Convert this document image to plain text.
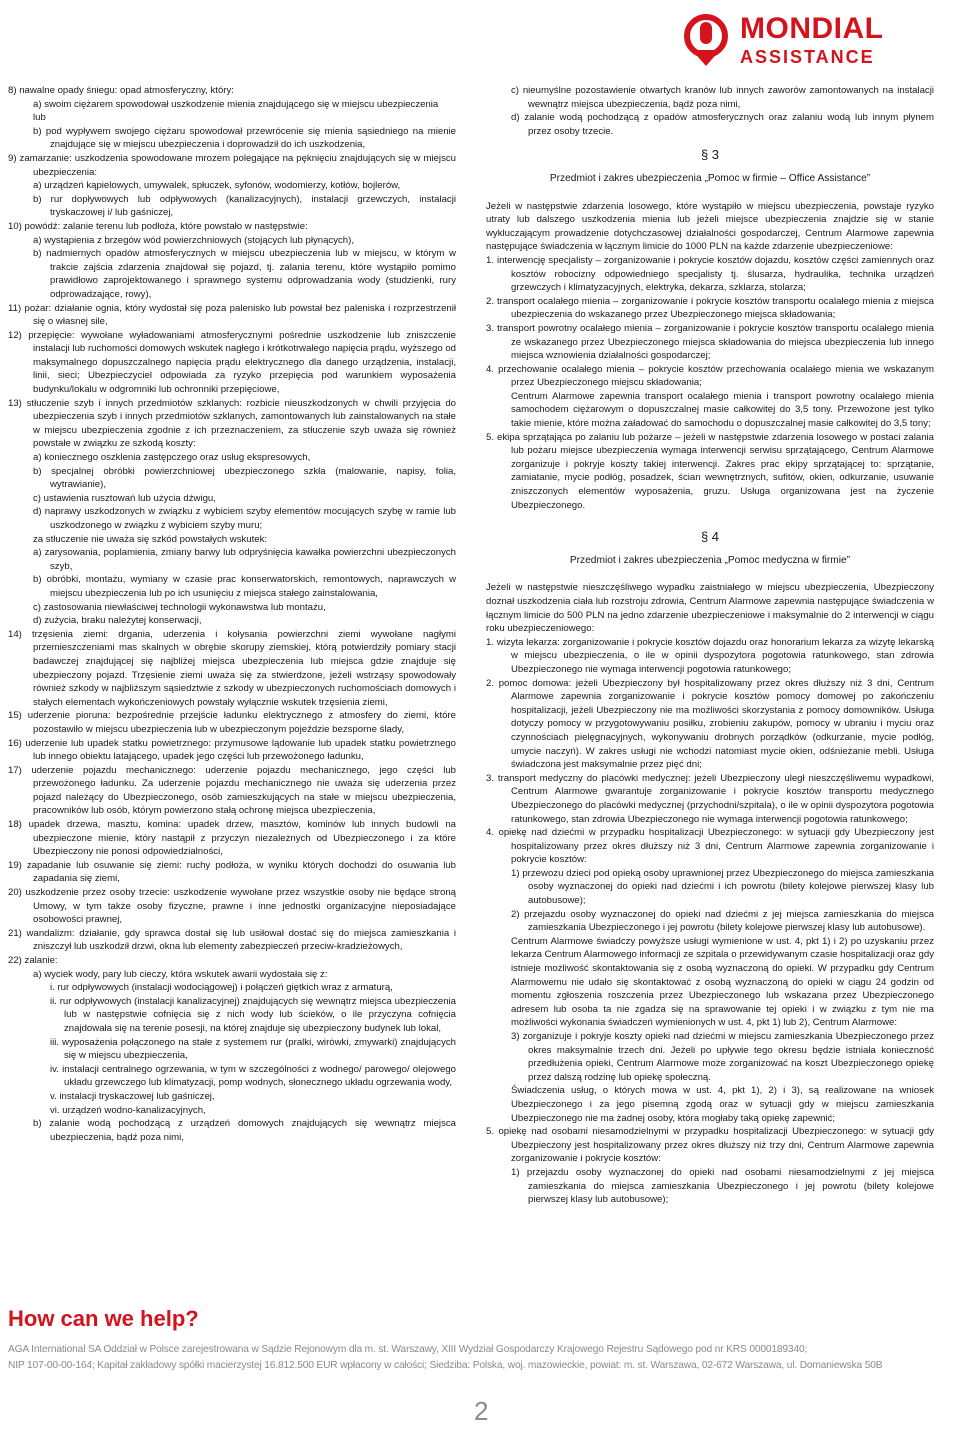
MONDIAL
ASSISTANCE
8) nawalne opady śniegu: opad atmosferyczny, który:
a) swoim ciężarem spowodował uszkodzenie mienia znajdującego się w miejscu ubezpieczenia
lub
b) pod wypływem swojego ciężaru spowodował przewrócenie się mienia sąsiedniego na mienie znajdujące się w miejscu ubezpieczenia i doprowadził do ich uszkodzenia,
9) zamarzanie: uszkodzenia spowodowane mrozem polegające na pęknięciu znajdujących się w miejscu ubezpieczenia:
a) urządzeń kąpielowych, umywalek, spłuczek, syfonów, wodomierzy, kotłów, bojlerów,
b) rur dopływowych lub odpływowych (kanalizacyjnych), instalacji grzewczych, instalacji tryskaczowej i/ lub gaśniczej,
10) powódź: zalanie terenu lub podłoża, które powstało w następstwie:
a) wystąpienia z brzegów wód powierzchniowych (stojących lub płynących),
b) nadmiernych opadów atmosferycznych w miejscu ubezpieczenia lub w miejscu, w którym w trakcie zajścia zdarzenia znajdował się pojazd, tj. zalania terenu, które wystąpiło pomimo prawidłowo zaprojektowanego i sprawnego systemu odprowadzania wody (studzienki, rury odprowadzające, rowy),
11) pożar: działanie ognia, który wydostał się poza palenisko lub powstał bez paleniska i rozprzestrzenił się o własnej sile,
12) przepięcie: wywołane wyładowaniami atmosferycznymi pośrednie uszkodzenie lub zniszczenie instalacji lub ruchomości domowych wskutek nagłego i krótkotrwałego napięcia prądu, wyższego od maksymalnego dopuszczalnego napięcia prądu elektrycznego dla danego urządzenia, instalacji, linii, sieci; Ubezpieczyciel odpowiada za ryzyko przepięcia pod warunkiem wyposażenia budynku/lokalu w odgromniki lub ochronniki przepięciowe,
13) stłuczenie szyb i innych przedmiotów szklanych: rozbicie nieuszkodzonych w chwili przyjęcia do ubezpieczenia szyb i innych przedmiotów szklanych, zamontowanych lub zainstalowanych na stałe w miejscu ubezpieczenia zgodnie z ich przeznaczeniem, za stłuczenie szyb uważa się również powstałe w związku ze szkodą koszty:
a) koniecznego oszklenia zastępczego oraz usług ekspresowych,
b) specjalnej obróbki powierzchniowej ubezpieczonego szkła (malowanie, napisy, folia, wytrawianie),
c) ustawienia rusztowań lub użycia dźwigu,
d) naprawy uszkodzonych w związku z wybiciem szyby elementów mocujących szybę w ramie lub uszkodzonego w związku z wybiciem szyby muru;
za stłuczenie nie uważa się szkód powstałych wskutek:
a) zarysowania, poplamienia, zmiany barwy lub odpryśnięcia kawałka powierzchni ubezpieczonych szyb,
b) obróbki, montażu, wymiany w czasie prac konserwatorskich, remontowych, naprawczych w miejscu ubezpieczenia lub po ich usunięciu z miejsca stałego zainstalowania,
c) zastosowania niewłaściwej technologii wykonawstwa lub montażu,
d) zużycia, braku należytej konserwacji,
14) trzęsienia ziemi: drgania, uderzenia i kołysania powierzchni ziemi wywołane nagłymi przemieszczeniami mas skalnych w obrębie skorupy ziemskiej, którą potwierdziły pomiary stacji badawczej znajdującej się najbliżej miejsca ubezpieczenia lub miejsca gdzie znajduje się ubezpieczony pojazd. Trzęsienie ziemi uważa się za stwierdzone, jeżeli wstrząsy spowodowały również szkody w najbliższym sąsiedztwie z szkody w ubezpieczonych ruchomościach domowych i stałych elementach wykończeniowych powstały wyłącznie wskutek trzęsienia ziemi,
15) uderzenie pioruna: bezpośrednie przejście ładunku elektrycznego z atmosfery do ziemi, które pozostawiło w miejscu ubezpieczenia lub w ubezpieczonym pojeździe bezsporne ślady,
16) uderzenie lub upadek statku powietrznego: przymusowe lądowanie lub upadek statku powietrznego lub innego obiektu latającego, upadek jego części lub przewożonego ładunku,
17) uderzenie pojazdu mechanicznego: uderzenie pojazdu mechanicznego, jego części lub przewożonego ładunku. Za uderzenie pojazdu mechanicznego nie uważa się uderzenia przez pojazd należący do Ubezpieczonego, osób zamieszkujących na stałe w miejscu ubezpieczenia, pracowników lub osób, którym powierzono stałą ochronę miejsca ubezpieczenia,
18) upadek drzewa, masztu, komina: upadek drzew, masztów, kominów lub innych budowli na ubezpieczone mienie, który nastąpił z przyczyn niezależnych od Ubezpieczonego i za które Ubezpieczony nie ponosi odpowiedzialności,
19) zapadanie lub osuwanie się ziemi: ruchy podłoża, w wyniku których dochodzi do osuwania lub zapadania się ziemi,
20) uszkodzenie przez osoby trzecie: uszkodzenie wywołane przez wszystkie osoby nie będące stroną Umowy, w tym także osoby fizyczne, prawne i inne jednostki organizacyjne nieposiadające osobowości prawnej,
21) wandalizm: działanie, gdy sprawca dostał się lub usiłował dostać się do miejsca zamieszkania i zniszczył lub uszkodził drzwi, okna lub elementy zabezpieczeń przeciw-kradzieżowych,
22) zalanie:
a) wyciek wody, pary lub cieczy, która wskutek awarii wydostała się z:
i. rur odpływowych (instalacji wodociągowej) i połączeń giętkich wraz z armaturą,
ii. rur odpływowych (instalacji kanalizacyjnej) znajdujących się wewnątrz miejsca ubezpieczenia lub w następstwie cofnięcia się z nich wody lub ścieków, o ile przyczyna cofnięcia znajdowała się na terenie posesji, na której znajduje się ubezpieczony budynek lub lokal,
iii. wyposażenia połączonego na stałe z systemem rur (pralki, wirówki, zmywarki) znajdujących się w miejscu ubezpieczenia,
iv. instalacji centralnego ogrzewania, w tym w szczególności z wodnego/ parowego/ olejowego układu grzewczego lub klimatyzacji, pomp wodnych, słonecznego układu ogrzewania wody,
v. instalacji tryskaczowej lub gaśniczej,
vi. urządzeń wodno-kanalizacyjnych,
b) zalanie wodą pochodzącą z urządzeń domowych znajdujących się wewnątrz miejsca ubezpieczenia, bądź poza nimi,
c) nieumyślne pozostawienie otwartych kranów lub innych zaworów zamontowanych na instalacji wewnątrz miejsca ubezpieczenia, bądź poza nimi,
d) zalanie wodą pochodzącą z opadów atmosferycznych oraz zalaniu wodą lub innym płynem przez osoby trzecie.
§ 3
Przedmiot i zakres ubezpieczenia „Pomoc w firmie – Office Assistance”
Jeżeli w następstwie zdarzenia losowego, które wystąpiło w miejscu ubezpieczenia, powstaje ryzyko utraty lub dalszego uszkodzenia mienia lub jeżeli miejsce ubezpieczenia znajdzie się w stanie wykluczającym prowadzenie dotychczasowej działalności gospodarczej, Centrum Alarmowe zapewnia następujące świadczenia w łącznym limicie do 1000 PLN na każde zdarzenie ubezpieczeniowe:
1. interwencję specjalisty – zorganizowanie i pokrycie kosztów dojazdu, kosztów części zamiennych oraz kosztów robocizny odpowiedniego specjalisty tj. ślusarza, hydraulika, technika urządzeń grzewczych i klimatyzacyjnych, elektryka, dekarza, szklarza, stolarza;
2. transport ocalałego mienia – zorganizowanie i pokrycie kosztów transportu ocalałego mienia z miejsca ubezpieczenia do wskazanego przez Ubezpieczonego miejsca składowania;
3. transport powrotny ocalałego mienia – zorganizowanie i pokrycie kosztów transportu ocalałego mienia ze wskazanego przez Ubezpieczonego miejsca składowania do miejsca ubezpieczenia lub innego miejsca wznowienia działalności gospodarczej;
4. przechowanie ocalałego mienia – pokrycie kosztów przechowania ocalałego mienia we wskazanym przez Ubezpieczonego miejscu składowania;
Centrum Alarmowe zapewnia transport ocalałego mienia i transport powrotny ocalałego mienia samochodem ciężarowym o dopuszczalnej masie całkowitej do 3,5 tony. Przewożone jest tylko takie mienie, które można załadować do samochodu o dopuszczalnej masie całkowitej do 3,5 tony;
5. ekipa sprzątająca po zalaniu lub pożarze – jeżeli w następstwie zdarzenia losowego w postaci zalania lub pożaru miejsce ubezpieczenia wymaga interwencji serwisu sprzątającego, Centrum Alarmowe zorganizuje i pokryje koszty takiej interwencji. Zakres prac ekipy sprzątającej to: sprzątanie, zamiatanie, mycie podłóg, posadzek, ścian wewnętrznych, sufitów, okien, odkurzanie, usuwanie zniszczonych elementów wyposażenia, gruzu. Usługa organizowana jest na życzenie Ubezpieczonego.
§ 4
Przedmiot i zakres ubezpieczenia „Pomoc medyczna w firmie”
Jeżeli w następstwie nieszczęśliwego wypadku zaistniałego w miejscu ubezpieczenia, Ubezpieczony doznał uszkodzenia ciała lub rozstroju zdrowia, Centrum Alarmowe zapewnia następujące świadczenia w łącznym limicie do 500 PLN na jedno zdarzenie ubezpieczeniowe i maksymalnie do 2 interwencji w ciągu roku ubezpieczeniowego:
1. wizyta lekarza: zorganizowanie i pokrycie kosztów dojazdu oraz honorarium lekarza za wizytę lekarską w miejscu ubezpieczenia, o ile w opinii dyspozytora pogotowia ratunkowego, stan zdrowia Ubezpieczonego nie wymaga interwencji pogotowia ratunkowego;
2. pomoc domowa: jeżeli Ubezpieczony był hospitalizowany przez okres dłuższy niż 3 dni, Centrum Alarmowe zapewnia zorganizowanie i pokrycie kosztów pomocy domowej po zakończeniu hospitalizacji, jeżeli Ubezpieczony nie ma możliwości skorzystania z pomocy domowników. Usługa dotyczy pomocy w przygotowywaniu posiłku, zrobieniu zakupów, pomocy w ubraniu i myciu oraz czynnościach pielęgnacyjnych, wykonywaniu drobnych porządków (odkurzanie, mycie podłóg, umycie naczyń). W zakres usługi nie wchodzi natomiast mycie okien, odśnieżanie mebli. Usługa świadczona jest maksymalnie przez pięć dni;
3. transport medyczny do placówki medycznej: jeżeli Ubezpieczony uległ nieszczęśliwemu wypadkowi, Centrum Alarmowe gwarantuje zorganizowanie i pokrycie kosztów transportu medycznego Ubezpieczonego do placówki medycznej (przychodni/szpitala), o ile w opinii dyspozytora pogotowia ratunkowego, stan zdrowia Ubezpieczonego nie wymaga interwencji pogotowia ratunkowego;
4. opiekę nad dziećmi w przypadku hospitalizacji Ubezpieczonego: w sytuacji gdy Ubezpieczony jest hospitalizowany przez okres dłuższy niż 3 dni, Centrum Alarmowe zapewnia zorganizowanie i pokrycie kosztów:
1) przewozu dzieci pod opieką osoby uprawnionej przez Ubezpieczonego do miejsca zamieszkania osoby wyznaczonej do opieki nad dziećmi i ich powrotu (bilety kolejowe pierwszej klasy lub autobusowe);
2) przejazdu osoby wyznaczonej do opieki nad dziećmi z jej miejsca zamieszkania do miejsca zamieszkania Ubezpieczonego i jej powrotu (bilety kolejowe pierwszej klasy lub autobusowe).
Centrum Alarmowe świadczy powyższe usługi wymienione w ust. 4, pkt 1) i 2) po uzyskaniu przez lekarza Centrum Alarmowego informacji ze szpitala o przewidywanym czasie hospitalizacji oraz gdy istnieje możliwość skontaktowania się z osobą wyznaczoną do opieki. W przypadku gdy Centrum Alarmowemu nie udało się skontaktować z osobą wyznaczoną do opieki w ciągu 24 godzin od momentu zgłoszenia roszczenia przez Ubezpieczonego lub wskazana przez Ubezpieczonego adresem lub osoba ta nie zgadza się na sprawowanie tej opieki i w związku z tym nie ma możliwości wykonania świadczeń wymienionych w ust. 4, pkt 1) lub 2), Centrum Alarmowe:
3) zorganizuje i pokryje koszty opieki nad dziećmi w miejscu zamieszkania Ubezpieczonego przez okres maksymalnie trzech dni. Jeżeli po upływie tego okresu będzie istniała konieczność przedłużenia opieki, Centrum Alarmowe może zorganizować na koszt Ubezpieczonego opiekę przez dalszą rodzinę lub opiekę społeczną.
Świadczenia usług, o których mowa w ust. 4, pkt 1), 2) i 3), są realizowane na wniosek Ubezpieczonego i za jego pisemną zgodą oraz w sytuacji gdy w miejscu zamieszkania Ubezpieczonego nie ma żadnej osoby, która mogłaby taką opiekę zapewnić;
5. opiekę nad osobami niesamodzielnymi w przypadku hospitalizacji Ubezpieczonego: w sytuacji gdy Ubezpieczony jest hospitalizowany przez okres dłuższy niż trzy dni, Centrum Alarmowe zapewnia zorganizowanie i pokrycie kosztów:
1) przejazdu osoby wyznaczonej do opieki nad osobami niesamodzielnymi z jej miejsca zamieszkania do miejsca zamieszkania Ubezpieczonego i jej powrotu (bilety kolejowe pierwszej klasy lub autobusowe);
How can we help?
AGA International SA Oddział w Polsce zarejestrowana w Sądzie Rejonowym dla m. st. Warszawy, XIII Wydział Gospodarczy Krajowego Rejestru Sądowego pod nr KRS 0000189340;
NIP 107-00-00-164; Kapitał zakładowy spółki macierzystej 16.812.500 EUR wpłacony w całości; Siedziba: Polska, woj. mazowieckie, powiat: m. st. Warszawa, 02-672 Warszawa, ul. Domaniewska 50B
2
